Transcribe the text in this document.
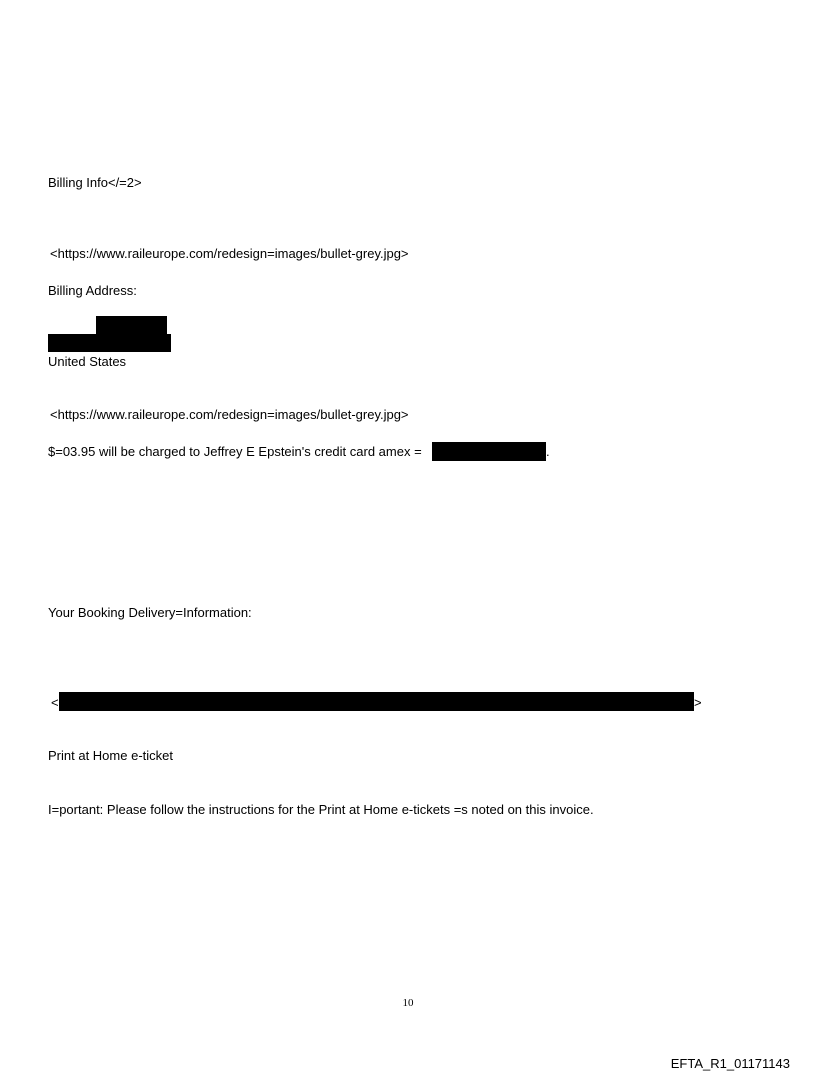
Billing Info</=2>
<https://www.raileurope.com/redesign=images/bullet-grey.jpg>
Billing Address:
United States
<https://www.raileurope.com/redesign=images/bullet-grey.jpg>
$=03.95 will be charged to Jeffrey E Epstein's credit card amex =	.
Your Booking Delivery=Information:
<	>
Print at Home e-ticket
I=portant: Please follow the instructions for the Print at Home e-tickets =s noted on this invoice.
10
EFTA_R1_01171143
